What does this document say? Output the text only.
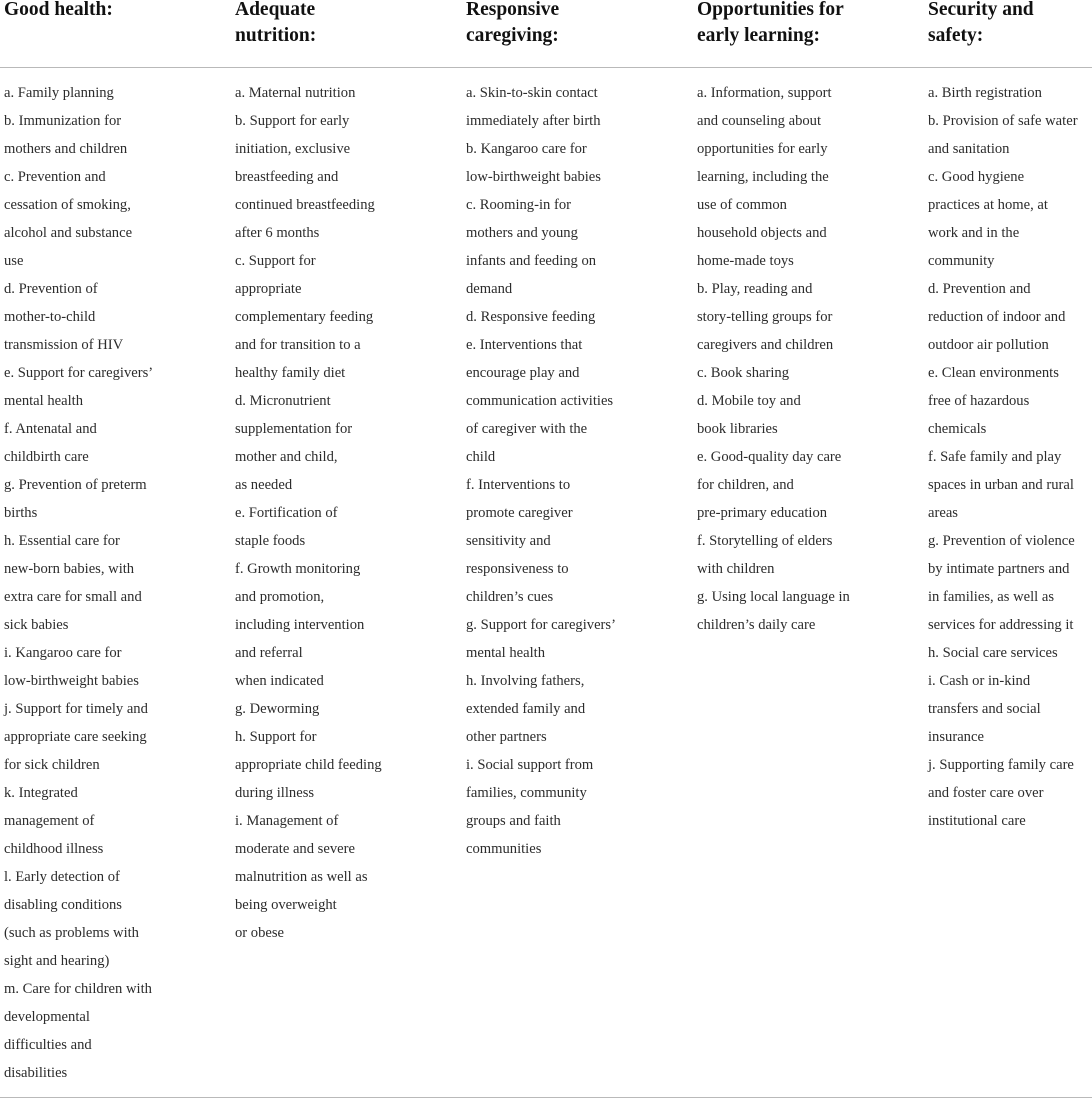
Good health:
a. Family planning
b. Immunization for
mothers and children
c. Prevention and
cessation of smoking,
alcohol and substance
use
d. Prevention of
mother-to-child
transmission of HIV
e. Support for caregivers’
mental health
f. Antenatal and
childbirth care
g. Prevention of preterm
births
h. Essential care for
new-born babies, with
extra care for small and
sick babies
i. Kangaroo care for
low-birthweight babies
j. Support for timely and
appropriate care seeking
for sick children
k. Integrated
management of
childhood illness
l. Early detection of
disabling conditions
(such as problems with
sight and hearing)
m. Care for children with
developmental
difficulties and
disabilities
Adequate
nutrition:
a. Maternal nutrition
b. Support for early
initiation, exclusive
breastfeeding and
continued breastfeeding
after 6 months
c. Support for
appropriate
complementary feeding
and for transition to a
healthy family diet
d. Micronutrient
supplementation for
mother and child,
as needed
e. Fortification of
staple foods
f. Growth monitoring
and promotion,
including intervention
and referral
when indicated
g. Deworming
h. Support for
appropriate child feeding
during illness
i. Management of
moderate and severe
malnutrition as well as
being overweight
or obese
Responsive
caregiving:
a. Skin-to-skin contact
immediately after birth
b. Kangaroo care for
low-birthweight babies
c. Rooming-in for
mothers and young
infants and feeding on
demand
d. Responsive feeding
e. Interventions that
encourage play and
communication activities
of caregiver with the
child
f. Interventions to
promote caregiver
sensitivity and
responsiveness to
children’s cues
g. Support for caregivers’
mental health
h. Involving fathers,
extended family and
other partners
i. Social support from
families, community
groups and faith
communities
Opportunities for
early learning:
a. Information, support
and counseling about
opportunities for early
learning, including the
use of common
household objects and
home-made toys
b. Play, reading and
story-telling groups for
caregivers and children
c. Book sharing
d. Mobile toy and
book libraries
e. Good-quality day care
for children, and
pre-primary education
f. Storytelling of elders
with children
g. Using local language in
children’s daily care
Security and
safety:
a. Birth registration
b. Provision of safe water
and sanitation
c. Good hygiene
practices at home, at
work and in the
community
d. Prevention and
reduction of indoor and
outdoor air pollution
e. Clean environments
free of hazardous
chemicals
f. Safe family and play
spaces in urban and rural
areas
g. Prevention of violence
by intimate partners and
in families, as well as
services for addressing it
h. Social care services
i. Cash or in-kind
transfers and social
insurance
j. Supporting family care
and foster care over
institutional care
